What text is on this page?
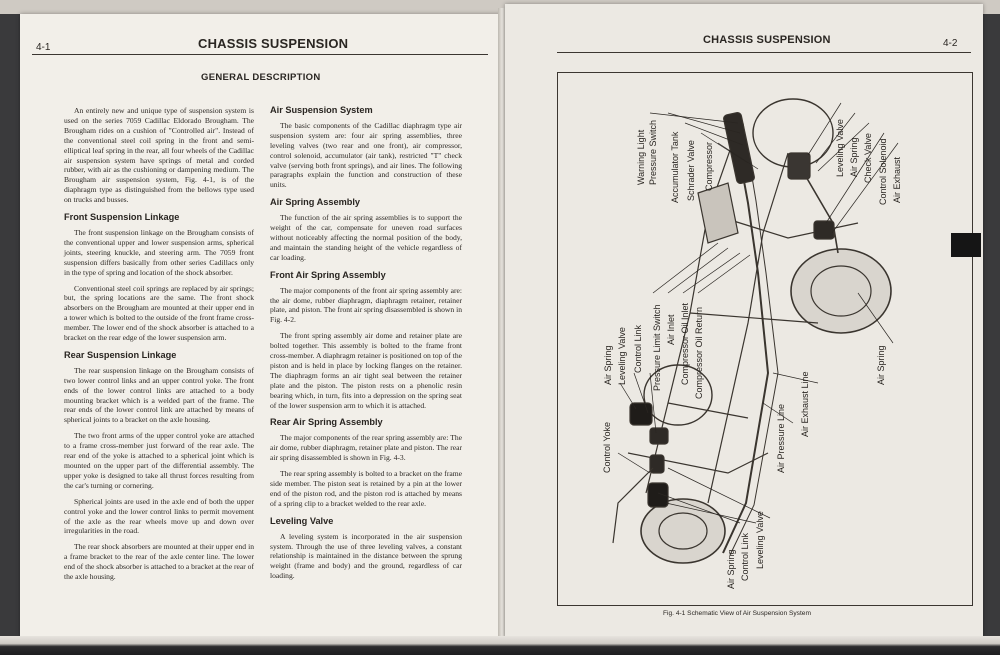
4-1	CHASSIS SUSPENSION
GENERAL DESCRIPTION

An entirely new and unique type of suspension system is used on the series 7059 Cadillac Eldorado Brougham. The Brougham rides on a cushion of "Controlled air". Instead of the conventional steel coil spring in the front and semi-elliptical leaf spring in the rear, all four wheels of the Cadillac air suspension system have springs of metal and corded rubber, with air as the cushioning or dampening medium. The Brougham air suspension system, Fig. 4-1, is of the diaphragm type as distinguished from the bellows type used on trucks and busses.

Front Suspension Linkage

The front suspension linkage on the Brougham consists of the conventional upper and lower suspension arms, spherical joints, steering knuckle, and steering arm. The 7059 front suspension differs basically from other series Cadillacs only in the type of spring and location of the shock absorber.

Conventional steel coil springs are replaced by air springs; but, the spring locations are the same. The front shock absorbers on the Brougham are mounted at their upper end in a tower which is bolted to the outside of the front frame cross-member. The lower end of the shock absorber is attached to a bracket on the rear edge of the lower suspension arm.

Rear Suspension Linkage

The rear suspension linkage on the Brougham consists of two lower control links and an upper control yoke. The front ends of the lower control links are attached to a body mounting bracket which is a welded part of the frame. The rear ends of the lower control link are attached by means of spherical joints to a bracket on the axle housing.

The two front arms of the upper control yoke are attached to a frame cross-member just forward of the rear axle. The rear end of the yoke is attached to a spherical joint which is mounted on the upper part of the differential assembly. The upper yoke is designed to take all thrust forces resulting from the car's turning or cornering.

Spherical joints are used in the axle end of both the upper control yoke and the lower control links to permit movement of the axle as the rear wheels move up and down over irregularities in the road.

The rear shock absorbers are mounted at their upper end in a frame bracket to the rear of the axle center line. The lower end of the shock absorber is attached to a bracket at the rear of the axle housing.

Air Suspension System

The basic components of the Cadillac diaphragm type air suspension system are: four air spring assemblies, three leveling valves (two rear and one front), air compressor, control solenoid, accumulator (air tank), restricted "T" check valve (serving both front springs), and air lines. The following paragraphs explain the function and construction of these units.

Air Spring Assembly

The function of the air spring assemblies is to support the weight of the car, compensate for uneven road surfaces without noticeably affecting the normal position of the body, and maintain the standing height of the vehicle regardless of car loading.

Front Air Spring Assembly

The major components of the front air spring assembly are: the air dome, rubber diaphragm, diaphragm retainer, retainer plate, and piston. The front air spring disassembled is shown in Fig. 4-2.

The front spring assembly air dome and retainer plate are bolted together. This assembly is bolted to the frame front cross-member. A diaphragm retainer is positioned on top of the piston and is held in place by locking flanges on the retainer. The diaphragm forms an air tight seal between the retainer plate and the piston. The piston rests on a phenolic resin bearing which, in turn, fits into a depression on the spring seat of the lower suspension arm to which it is attached.

Rear Air Spring Assembly

The major components of the rear spring assembly are: The air dome, rubber diaphragm, retainer plate and piston. The rear air spring disassembled is shown in Fig. 4-3.

The rear spring assembly is bolted to a bracket on the frame side member. The piston seat is retained by a pin at the lower end of the piston rod, and the piston rod is attached by means of a spring clip to a bracket welded to the rear axle.

Leveling Valve

A leveling system is incorporated in the air suspension system. Through the use of three leveling valves, a constant relationship is maintained in the distance between the sprung weight (frame and body) and the ground, regardless of car loading.

CHASSIS SUSPENSION	4-2
Warning Light Pressure Switch Accumulator Tank Schrader Valve Compressor	Leveling Valve Air Spring Check Valve Control Solenoid Air Exhaust
Pressure Limit Switch Air Inlet Compressor Oil Inlet Compressor Oil Return
Air Spring Leveling Valve Control Link	Air Spring
Air Exhaust Line
Air Pressure Line
Control Yoke
Air Spring Control Link Leveling Valve
Fig. 4-1 Schematic View of Air Suspension System
